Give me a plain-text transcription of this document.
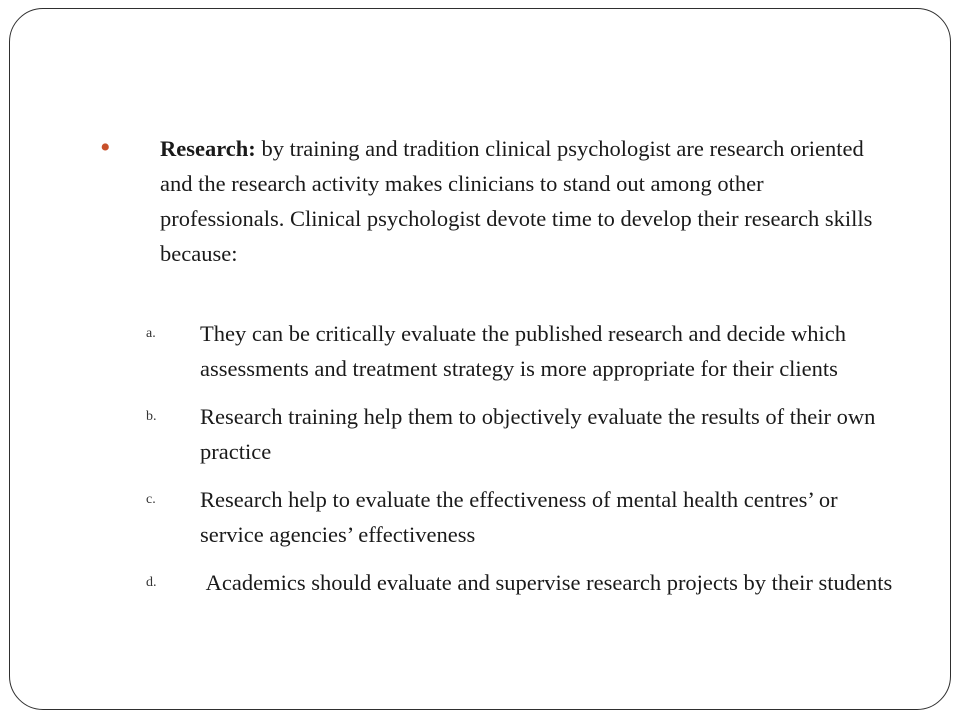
• Research: by training and tradition clinical psychologist are research oriented and the research activity makes clinicians to stand out among other professionals. Clinical psychologist devote time to develop their research skills because:
a. They can be critically evaluate the published research and decide which assessments and treatment strategy is more appropriate for their clients
b. Research training help them to objectively evaluate the results of their own practice
c. Research help to evaluate the effectiveness of mental health centres’ or service agencies’ effectiveness
d. Academics should evaluate and supervise research projects by their students
